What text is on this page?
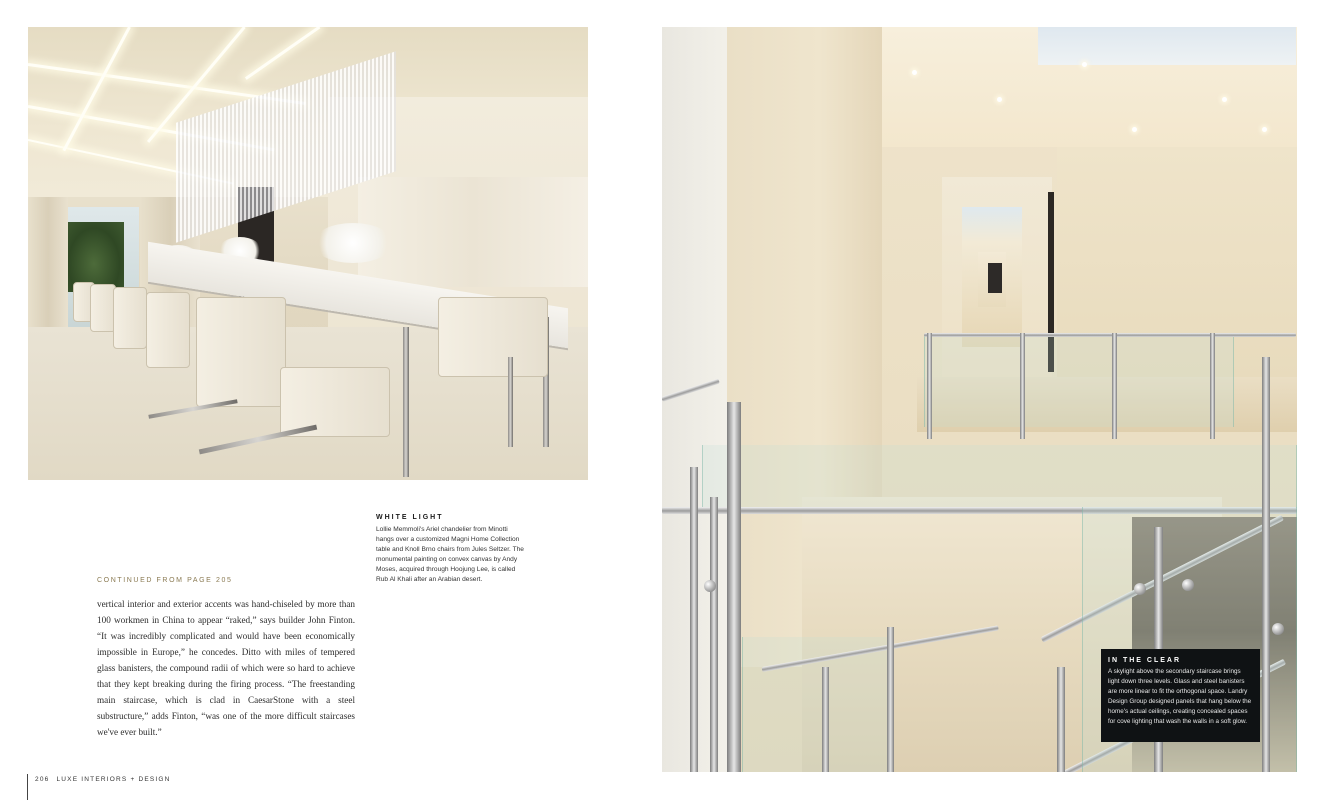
WHITE LIGHT
Lollie Memmoli's Ariel chandelier from Minotti hangs over a customized Magni Home Collection table and Knoll Brno chairs from Jules Seltzer. The monumental painting on convex canvas by Andy Moses, acquired through Hoojung Lee, is called Rub Al Khali after an Arabian desert.
CONTINUED FROM PAGE 205
vertical interior and exterior accents was hand-chiseled by more than 100 workmen in China to appear “raked,” says builder John Finton. “It was incredibly complicated and would have been economically impossible in Europe,” he concedes. Ditto with miles of tempered glass banisters, the compound radii of which were so hard to achieve that they kept breaking during the firing process. “The freestanding main staircase, which is clad in CaesarStone with a steel substructure,” adds Finton, “was one of the more difficult staircases we've ever built.”
206 LUXE INTERIORS + DESIGN
IN THE CLEAR
A skylight above the secondary staircase brings light down three levels. Glass and steel banisters are more linear to fit the orthogonal space. Landry Design Group designed panels that hang below the home's actual ceilings, creating concealed spaces for cove lighting that wash the walls in a soft glow.
